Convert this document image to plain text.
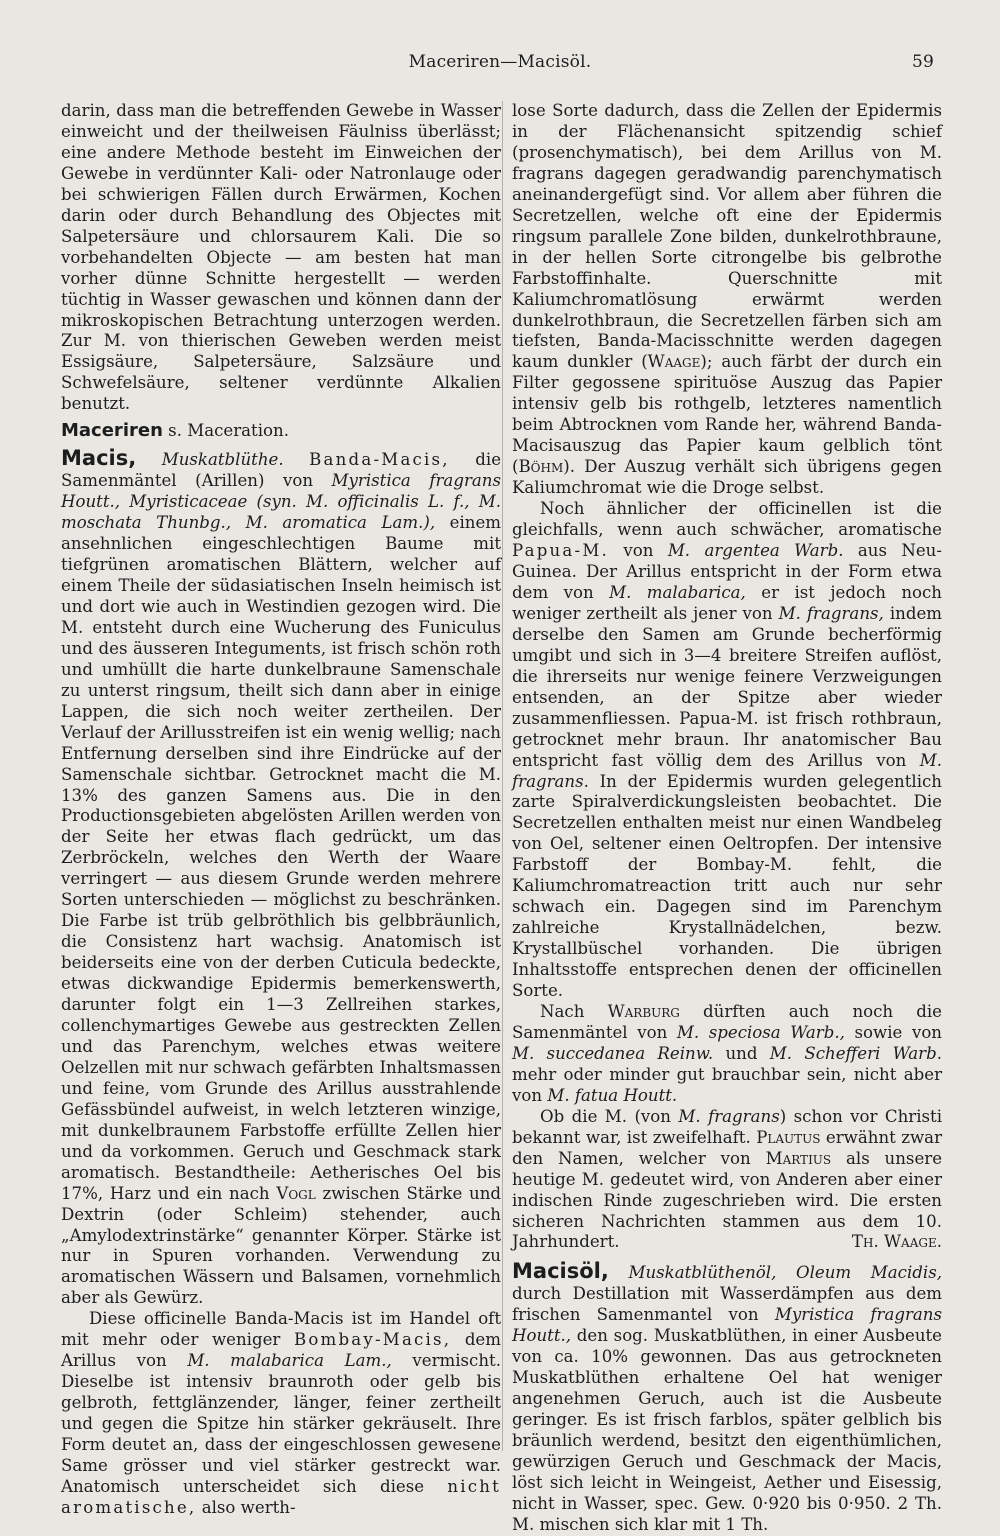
Maceriren—Macisöl.	59

darin, dass man die betreffenden Gewebe in Wasser einweicht und der theilweisen Fäulniss überlässt; eine andere Methode besteht im Einweichen der Gewebe in verdünnter Kali- oder Natronlauge oder bei schwierigen Fällen durch Erwärmen, Kochen darin oder durch Behandlung des Objectes mit Salpetersäure und chlorsaurem Kali. Die so vorbehandelten Objecte — am besten hat man vorher dünne Schnitte hergestellt — werden tüchtig in Wasser gewaschen und können dann der mikroskopischen Betrachtung unterzogen werden. Zur M. von thierischen Geweben werden meist Essigsäure, Salpetersäure, Salzsäure und Schwefelsäure, seltener verdünnte Alkalien benutzt.

Maceriren s. Maceration.

Macis, Muskatblüthe. Banda-Macis, die Samenmäntel (Arillen) von Myristica fragrans Houtt., Myristicaceae (syn. M. officinalis L. f., M. moschata Thunbg., M. aromatica Lam.), einem ansehnlichen eingeschlechtigen Baume mit tiefgrünen aromatischen Blättern, welcher auf einem Theile der südasiatischen Inseln heimisch ist und dort wie auch in Westindien gezogen wird. Die M. entsteht durch eine Wucherung des Funiculus und des äusseren Integuments, ist frisch schön roth und umhüllt die harte dunkelbraune Samenschale zu unterst ringsum, theilt sich dann aber in einige Lappen, die sich noch weiter zertheilen. Der Verlauf der Arillusstreifen ist ein wenig wellig; nach Entfernung derselben sind ihre Eindrücke auf der Samenschale sichtbar. Getrocknet macht die M. 13% des ganzen Samens aus. Die in den Productionsgebieten abgelösten Arillen werden von der Seite her etwas flach gedrückt, um das Zerbröckeln, welches den Werth der Waare verringert — aus diesem Grunde werden mehrere Sorten unterschieden — möglichst zu beschränken. Die Farbe ist trüb gelbröthlich bis gelbbräunlich, die Consistenz hart wachsig. Anatomisch ist beiderseits eine von der derben Cuticula bedeckte, etwas dickwandige Epidermis bemerkenswerth, darunter folgt ein 1—3 Zellreihen starkes, collenchymartiges Gewebe aus gestreckten Zellen und das Parenchym, welches etwas weitere Oelzellen mit nur schwach gefärbten Inhaltsmassen und feine, vom Grunde des Arillus ausstrahlende Gefässbündel aufweist, in welch letzteren winzige, mit dunkelbraunem Farbstoffe erfüllte Zellen hier und da vorkommen. Geruch und Geschmack stark aromatisch. Bestandtheile: Aetherisches Oel bis 17%, Harz und ein nach Vogl zwischen Stärke und Dextrin (oder Schleim) stehender, auch „Amylodextrinstärke“ genannter Körper. Stärke ist nur in Spuren vorhanden. Verwendung zu aromatischen Wässern und Balsamen, vornehmlich aber als Gewürz.

Diese officinelle Banda-Macis ist im Handel oft mit mehr oder weniger Bombay-Macis, dem Arillus von M. malabarica Lam., vermischt. Dieselbe ist intensiv braunroth oder gelb bis gelbroth, fettglänzender, länger, feiner zertheilt und gegen die Spitze hin stärker gekräuselt. Ihre Form deutet an, dass der eingeschlossen gewesene Same grösser und viel stärker gestreckt war. Anatomisch unterscheidet sich diese nicht aromatische, also werth-

lose Sorte dadurch, dass die Zellen der Epidermis in der Flächenansicht spitzendig schief (prosenchymatisch), bei dem Arillus von M. fragrans dagegen geradwandig parenchymatisch aneinandergefügt sind. Vor allem aber führen die Secretzellen, welche oft eine der Epidermis ringsum parallele Zone bilden, dunkelrothbraune, in der hellen Sorte citrongelbe bis gelbrothe Farbstoffinhalte. Querschnitte mit Kaliumchromatlösung erwärmt werden dunkelrothbraun, die Secretzellen färben sich am tiefsten, Banda-Macisschnitte werden dagegen kaum dunkler (Waage); auch färbt der durch ein Filter gegossene spirituöse Auszug das Papier intensiv gelb bis rothgelb, letzteres namentlich beim Abtrocknen vom Rande her, während Banda-Macisauszug das Papier kaum gelblich tönt (Böhm). Der Auszug verhält sich übrigens gegen Kaliumchromat wie die Droge selbst.

Noch ähnlicher der officinellen ist die gleichfalls, wenn auch schwächer, aromatische Papua-M. von M. argentea Warb. aus Neu-Guinea. Der Arillus entspricht in der Form etwa dem von M. malabarica, er ist jedoch noch weniger zertheilt als jener von M. fragrans, indem derselbe den Samen am Grunde becherförmig umgibt und sich in 3—4 breitere Streifen auflöst, die ihrerseits nur wenige feinere Verzweigungen entsenden, an der Spitze aber wieder zusammenfliessen. Papua-M. ist frisch rothbraun, getrocknet mehr braun. Ihr anatomischer Bau entspricht fast völlig dem des Arillus von M. fragrans. In der Epidermis wurden gelegentlich zarte Spiralverdickungsleisten beobachtet. Die Secretzellen enthalten meist nur einen Wandbeleg von Oel, seltener einen Oeltropfen. Der intensive Farbstoff der Bombay-M. fehlt, die Kaliumchromatreaction tritt auch nur sehr schwach ein. Dagegen sind im Parenchym zahlreiche Krystallnädelchen, bezw. Krystallbüschel vorhanden. Die übrigen Inhaltsstoffe entsprechen denen der officinellen Sorte.

Nach Warburg dürften auch noch die Samenmäntel von M. speciosa Warb., sowie von M. succedanea Reinw. und M. Schefferi Warb. mehr oder minder gut brauchbar sein, nicht aber von M. fatua Houtt.

Ob die M. (von M. fragrans) schon vor Christi bekannt war, ist zweifelhaft. Plautus erwähnt zwar den Namen, welcher von Martius als unsere heutige M. gedeutet wird, von Anderen aber einer indischen Rinde zugeschrieben wird. Die ersten sicheren Nachrichten stammen aus dem 10. Jahrhundert.	Th. Waage.

Macisöl, Muskatblüthenöl, Oleum Macidis, durch Destillation mit Wasserdämpfen aus dem frischen Samenmantel von Myristica fragrans Houtt., den sog. Muskatblüthen, in einer Ausbeute von ca. 10% gewonnen. Das aus getrockneten Muskatblüthen erhaltene Oel hat weniger angenehmen Geruch, auch ist die Ausbeute geringer. Es ist frisch farblos, später gelblich bis bräunlich werdend, besitzt den eigenthümlichen, gewürzigen Geruch und Geschmack der Macis, löst sich leicht in Weingeist, Aether und Eisessig, nicht in Wasser, spec. Gew. 0·920 bis 0·950. 2 Th. M. mischen sich klar mit 1 Th.
